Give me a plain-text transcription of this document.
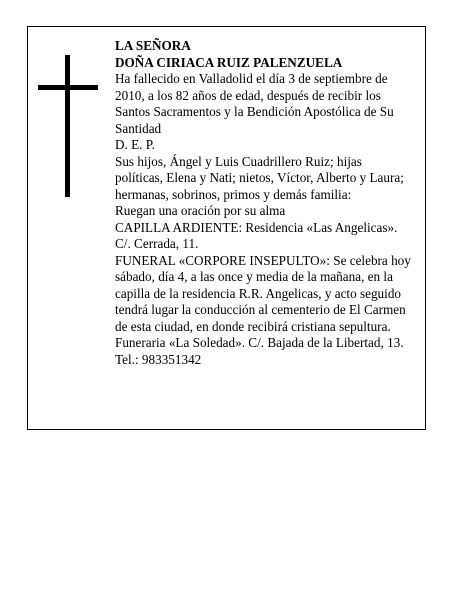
LA SEÑORA
DOÑA CIRIACA RUIZ PALENZUELA
Ha fallecido en Valladolid el día 3 de septiembre de
2010, a los 82 años de edad, después de recibir los
Santos Sacramentos y la Bendición Apostólica de Su
Santidad
D. E. P.
Sus hijos, Ángel y Luis Cuadrillero Ruiz; hijas
políticas, Elena y Nati; nietos, Víctor, Alberto y Laura;
hermanas, sobrinos, primos y demás familia:
Ruegan una oración por su alma
CAPILLA ARDIENTE: Residencia «Las Angelicas».
C/. Cerrada, 11.
FUNERAL «CORPORE INSEPULTO»: Se celebra hoy
sábado, día 4, a las once y media de la mañana, en la
capilla de la residencia R.R. Angelicas, y acto seguido
tendrá lugar la conducción al cementerio de El Carmen
de esta ciudad, en donde recibirá cristiana sepultura.
Funeraria «La Soledad». C/. Bajada de la Libertad, 13.
Tel.: 983351342
